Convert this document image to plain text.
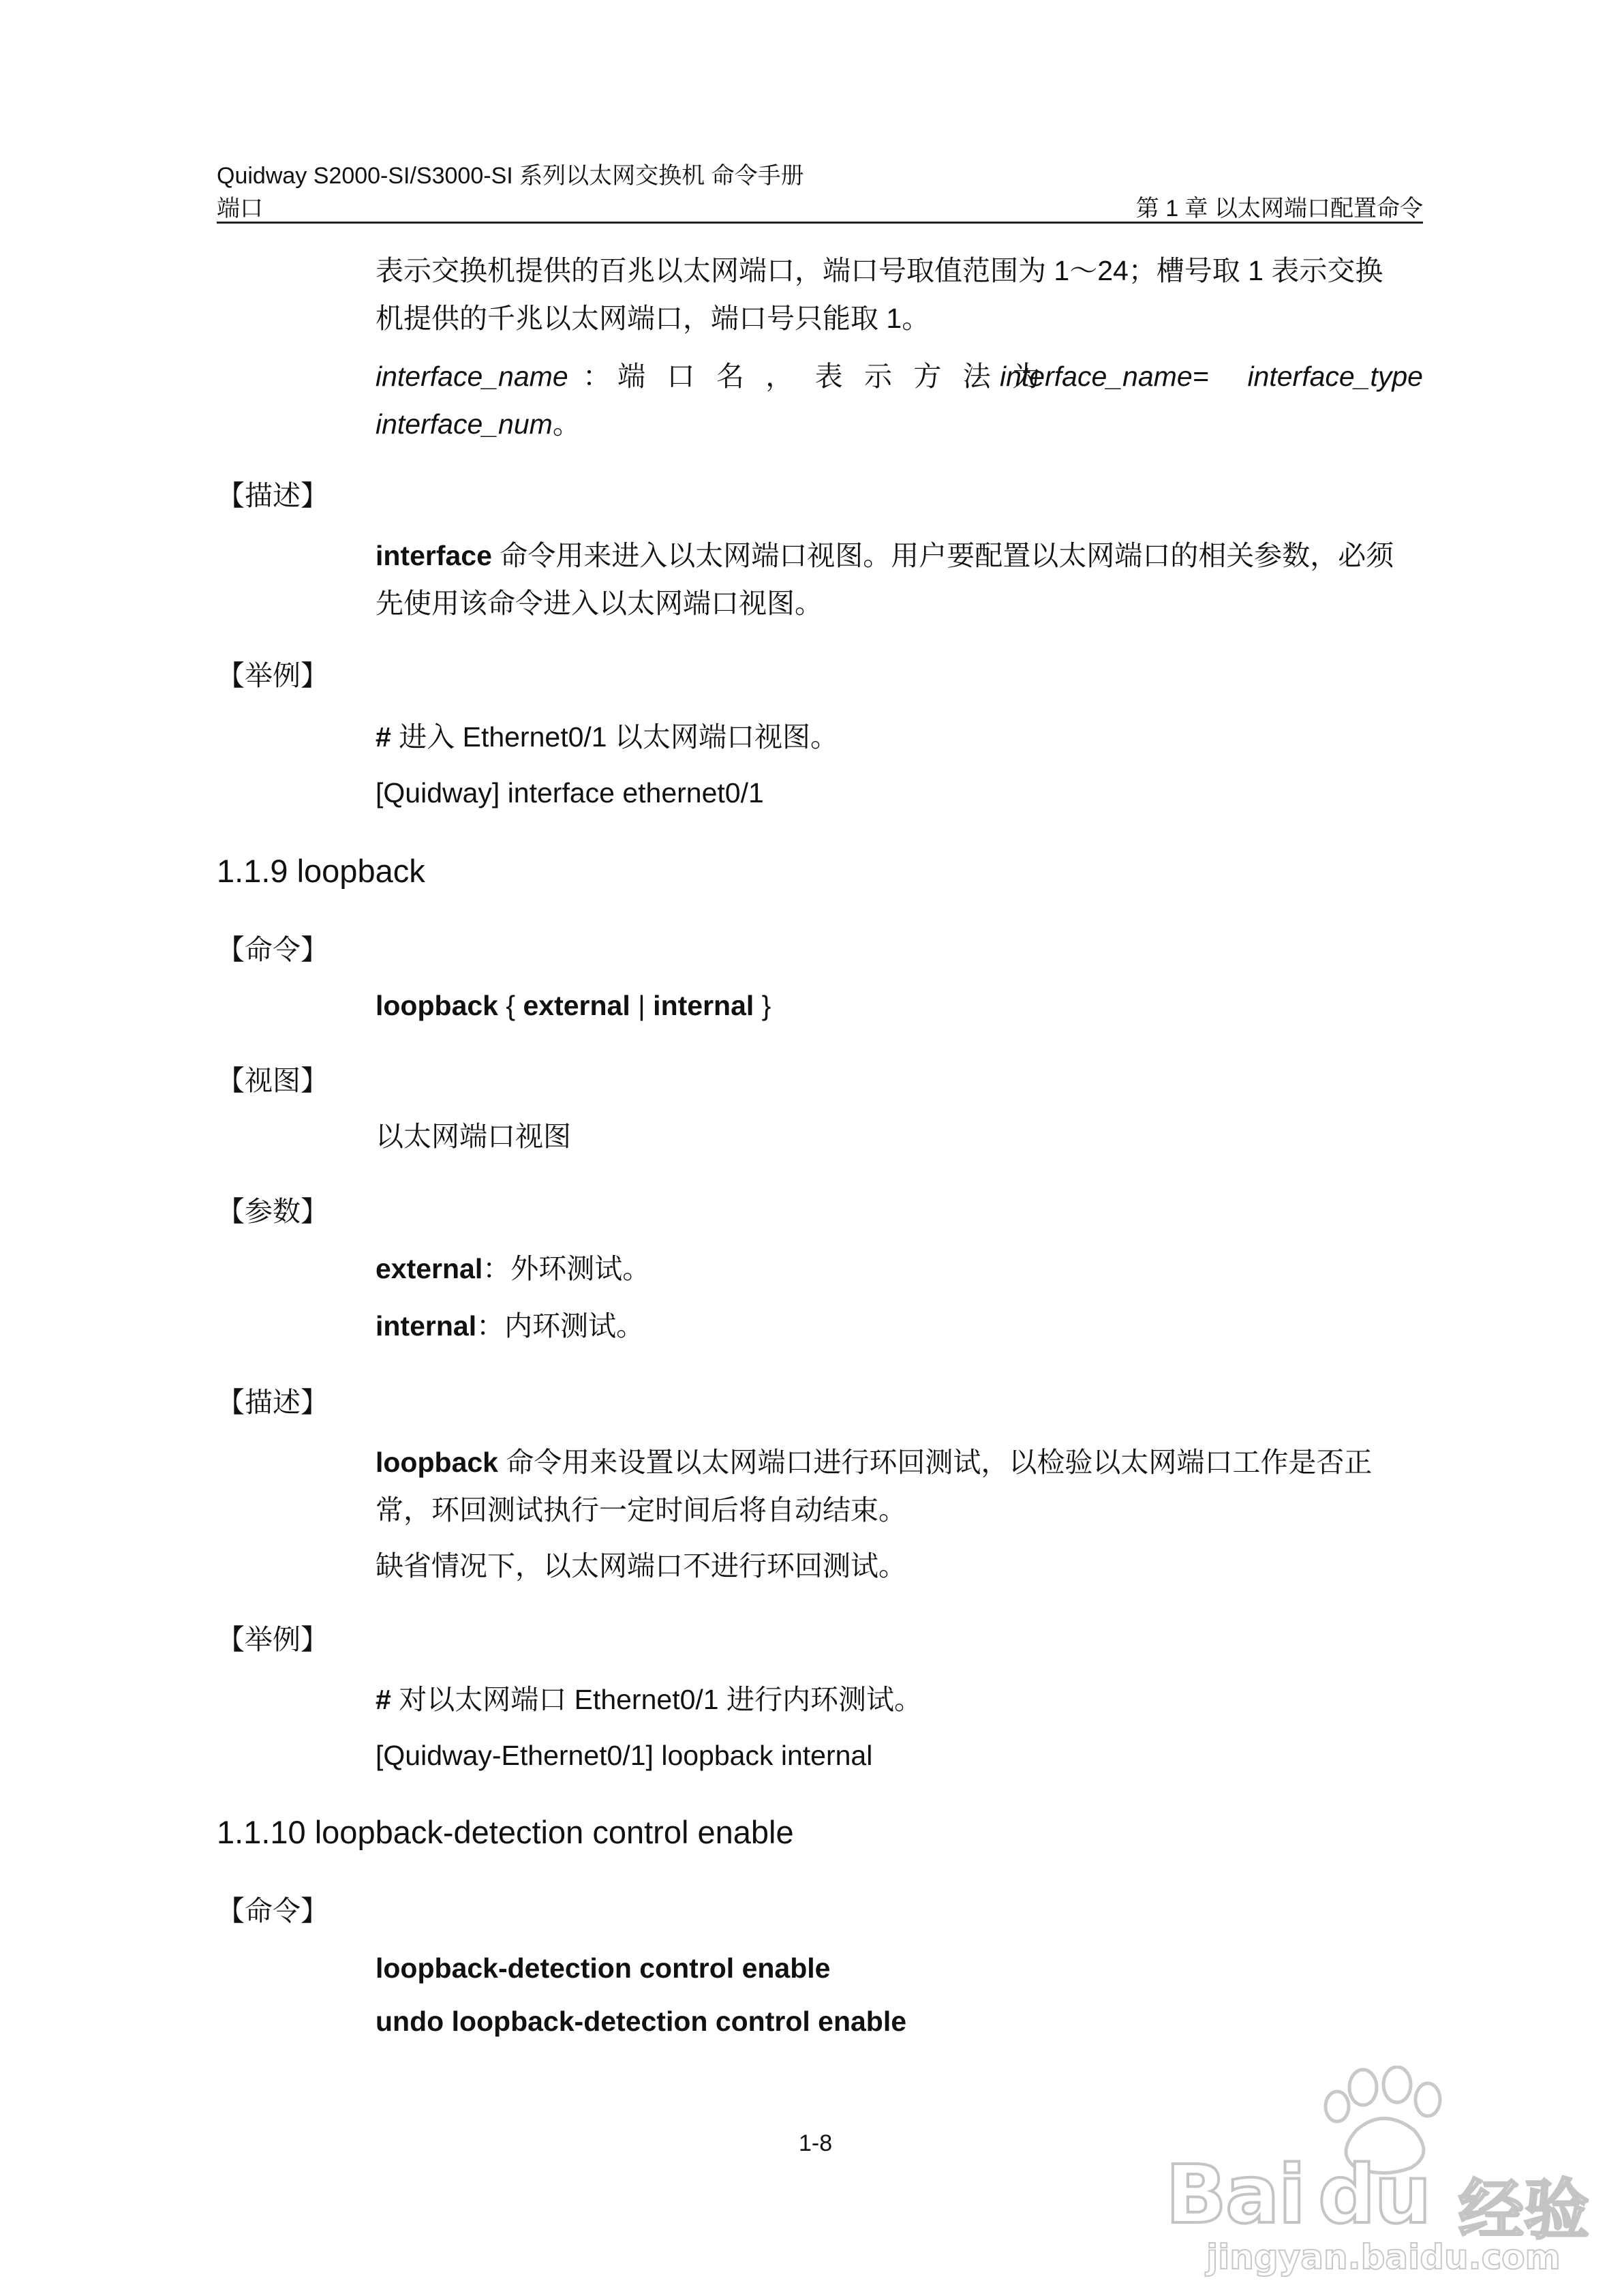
Quidway S2000-SI/S3000-SI 系列以太网交换机 命令手册
端口	第 1 章 以太网端口配置命令
表示交换机提供的百兆以太网端口，端口号取值范围为 1～24；槽号取 1 表示交换
机提供的千兆以太网端口，端口号只能取 1。
interface_name ：端 口 名 ， 表 示 方 法 为
interface_name= interface_type
interface_num。
【描述】
interface 命令用来进入以太网端口视图。用户要配置以太网端口的相关参数，必须
先使用该命令进入以太网端口视图。
【举例】
# 进入 Ethernet0/1 以太网端口视图。
[Quidway] interface ethernet0/1
1.1.9 loopback
【命令】
loopback { external | internal }
【视图】
以太网端口视图
【参数】
external：外环测试。
internal：内环测试。
【描述】
loopback 命令用来设置以太网端口进行环回测试，以检验以太网端口工作是否正
常，环回测试执行一定时间后将自动结束。
缺省情况下，以太网端口不进行环回测试。
【举例】
# 对以太网端口 Ethernet0/1 进行内环测试。
[Quidway-Ethernet0/1] loopback internal
1.1.10 loopback-detection control enable
【命令】
loopback-detection control enable
undo loopback-detection control enable
1-8
Bai du 经验
jingyan.baidu.com
